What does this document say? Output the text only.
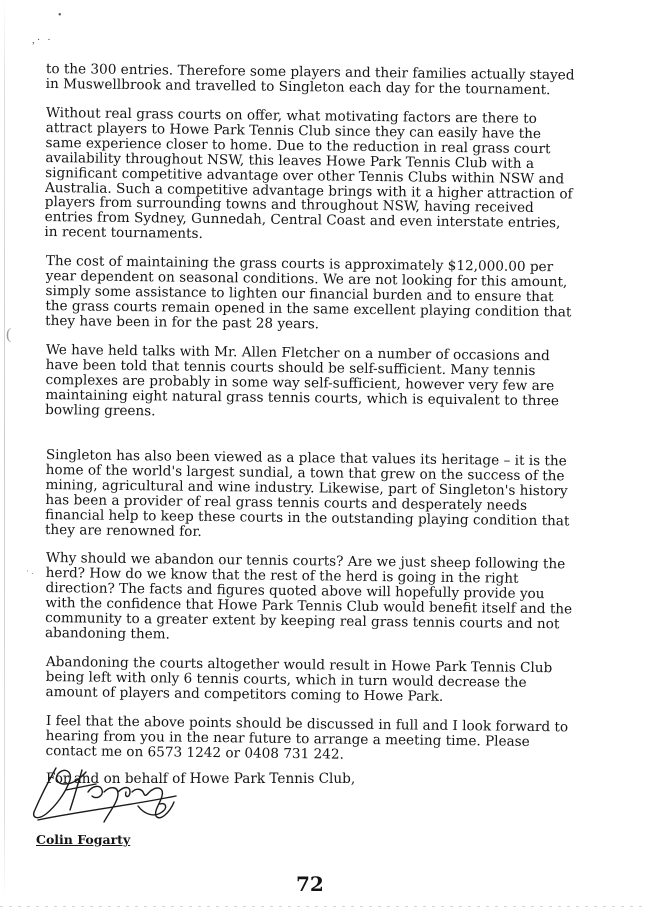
•
,· ·
(
· .

to the 300 entries. Therefore some players and their families actually stayed in Muswellbrook and travelled to Singleton each day for the tournament.

Without real grass courts on offer, what motivating factors are there to attract players to Howe Park Tennis Club since they can easily have the same experience closer to home. Due to the reduction in real grass court availability throughout NSW, this leaves Howe Park Tennis Club with a significant competitive advantage over other Tennis Clubs within NSW and Australia. Such a competitive advantage brings with it a higher attraction of players from surrounding towns and throughout NSW, having received entries from Sydney, Gunnedah, Central Coast and even interstate entries, in recent tournaments.

The cost of maintaining the grass courts is approximately $12,000.00 per year dependent on seasonal conditions. We are not looking for this amount, simply some assistance to lighten our financial burden and to ensure that the grass courts remain opened in the same excellent playing condition that they have been in for the past 28 years.

We have held talks with Mr. Allen Fletcher on a number of occasions and have been told that tennis courts should be self-sufficient. Many tennis complexes are probably in some way self-sufficient, however very few are maintaining eight natural grass tennis courts, which is equivalent to three bowling greens.

Singleton has also been viewed as a place that values its heritage – it is the home of the world's largest sundial, a town that grew on the success of the mining, agricultural and wine industry. Likewise, part of Singleton's history has been a provider of real grass tennis courts and desperately needs financial help to keep these courts in the outstanding playing condition that they are renowned for.

Why should we abandon our tennis courts? Are we just sheep following the herd? How do we know that the rest of the herd is going in the right direction? The facts and figures quoted above will hopefully provide you with the confidence that Howe Park Tennis Club would benefit itself and the community to a greater extent by keeping real grass tennis courts and not abandoning them.

Abandoning the courts altogether would result in Howe Park Tennis Club being left with only 6 tennis courts, which in turn would decrease the amount of players and competitors coming to Howe Park.

I feel that the above points should be discussed in full and I look forward to hearing from you in the near future to arrange a meeting time. Please contact me on 6573 1242 or 0408 731 242.

For and on behalf of Howe Park Tennis Club,

Colin Fogarty

72
